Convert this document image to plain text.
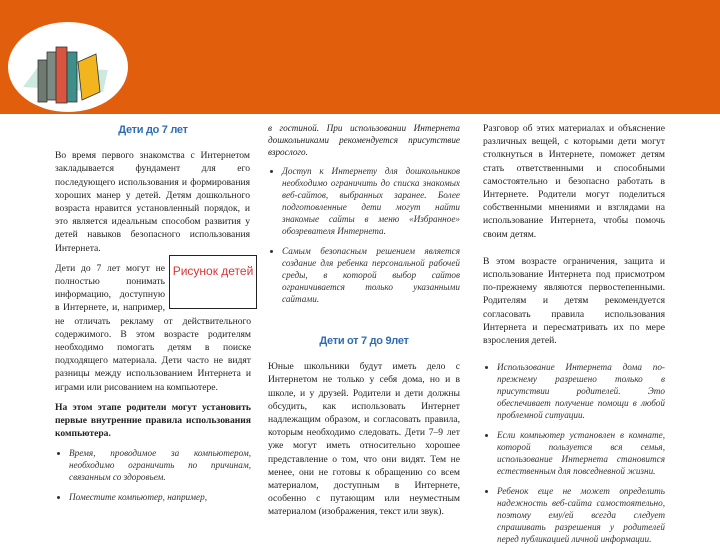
Дети до 7 лет
Рисунок детей

Во время первого знакомства с Интернетом закладывается фундамент для его последующего использования и формирования хороших манер у детей. Детям дошкольного возраста нравится установленный порядок, и это является идеальным способом развития у детей навыков безопасного использования Интернета.

Дети до 7 лет могут не полностью понимать информацию, доступную в Интернете, и, например, не отличать рекламу от действительного содержимого. В этом возрасте родителям необходимо помогать детям в поиске подходящего материала. Дети часто не видят разницы между использованием Интернета и играми или рисованием на компьютере.

На этом этапе родители могут установить первые внутренние правила использования компьютера.

• Время, проводимое за компьютером, необходимо ограничить по причинам, связанным со здоровьем.
• Поместите компьютер, например,

в гостиной. При использовании Интернета дошкольниками рекомендуется присутствие взрослого.

• Доступ к Интернету для дошкольников необходимо ограничить до списка знакомых веб-сайтов, выбранных заранее. Более подготовленные дети могут найти знакомые сайты в меню «Избранное» обозревателя Интернета.
• Самым безопасным решением является создание для ребенка персональной рабочей среды, в которой выбор сайтов ограничивается только указанными сайтами.
Дети от 7 до 9лет

Юные школьники будут иметь дело с Интернетом не только у себя дома, но и в школе, и у друзей. Родители и дети должны обсудить, как использовать Интернет надлежащим образом, и согласовать правила, которым необходимо следовать. Дети 7–9 лет уже могут иметь относительно хорошее представление о том, что они видят. Тем не менее, они не готовы к обращению со всем материалом, доступным в Интернете, особенно с путающим или неуместным материалом (изображения, текст или звук).

Разговор об этих материалах и объяснение различных вещей, с которыми дети могут столкнуться в Интернете, поможет детям стать ответственными и способными самостоятельно и безопасно работать в Интернете. Родители могут поделиться собственными мнениями и взглядами на использование Интернета, чтобы помочь своим детям.

В этом возрасте ограничения, защита и использование Интернета под присмотром по-прежнему являются первостепенными. Родителям и детям рекомендуется согласовать правила использования Интернета и пересматривать их по мере взросления детей.

• Использование Интернета дома по-прежнему разрешено только в присутствии родителей. Это обеспечивает получение помощи в любой проблемной ситуации.
• Если компьютер установлен в комнате, которой пользуется вся семья, использование Интернета становится естественным для повседневной жизни.
• Ребенок еще не может определить надежность веб-сайта самостоятельно, поэтому ему/ей всегда следует спрашивать разрешения у родителей перед публикацией личной информации.
